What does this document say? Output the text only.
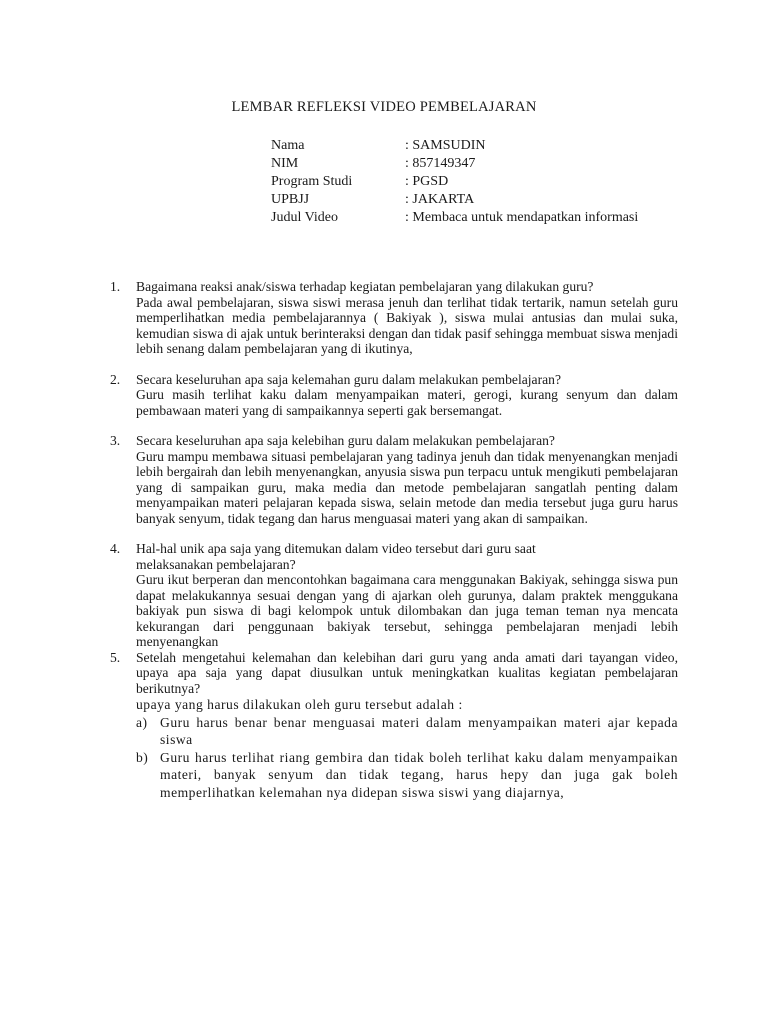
LEMBAR REFLEKSI VIDEO PEMBELAJARAN
Nama	: SAMSUDIN
NIM	: 857149347
Program Studi	: PGSD
UPBJJ	: JAKARTA
Judul Video	: Membaca untuk mendapatkan informasi
1. Bagaimana reaksi anak/siswa terhadap kegiatan pembelajaran yang dilakukan guru?
Pada awal pembelajaran, siswa siswi merasa jenuh dan terlihat tidak tertarik, namun setelah guru memperlihatkan media pembelajarannya ( Bakiyak ), siswa mulai antusias dan mulai suka, kemudian siswa di ajak untuk berinteraksi dengan dan tidak pasif sehingga membuat siswa menjadi lebih senang dalam pembelajaran yang di ikutinya,
2. Secara keseluruhan apa saja kelemahan guru dalam melakukan pembelajaran?
Guru masih terlihat kaku dalam menyampaikan materi, gerogi, kurang senyum dan dalam pembawaan materi yang di sampaikannya seperti gak bersemangat.
3. Secara keseluruhan apa saja kelebihan guru dalam melakukan pembelajaran?
Guru mampu membawa situasi pembelajaran yang tadinya jenuh dan tidak menyenangkan menjadi lebih bergairah dan lebih menyenangkan, anyusia siswa pun terpacu untuk mengikuti pembelajaran yang di sampaikan guru, maka media dan metode pembelajaran sangatlah penting dalam menyampaikan materi pelajaran kepada siswa, selain metode dan media tersebut juga guru harus banyak senyum, tidak tegang dan harus menguasai materi yang akan di sampaikan.
4. Hal-hal unik apa saja yang ditemukan dalam video tersebut dari guru saat
melaksanakan pembelajaran?
Guru ikut berperan dan mencontohkan bagaimana cara menggunakan Bakiyak, sehingga siswa pun dapat melakukannya sesuai dengan yang di ajarkan oleh gurunya, dalam praktek menggukana bakiyak pun siswa di bagi kelompok untuk dilombakan dan juga teman teman nya mencata kekurangan dari penggunaan bakiyak tersebut, sehingga pembelajaran menjadi lebih menyenangkan
5. Setelah mengetahui kelemahan dan kelebihan dari guru yang anda amati dari tayangan video, upaya apa saja yang dapat diusulkan untuk meningkatkan kualitas kegiatan pembelajaran berikutnya?
upaya yang harus dilakukan oleh guru tersebut adalah :
a) Guru harus benar benar menguasai materi dalam menyampaikan materi ajar kepada siswa
b) Guru harus terlihat riang gembira dan tidak boleh terlihat kaku dalam menyampaikan materi, banyak senyum dan tidak tegang, harus hepy dan juga gak boleh memperlihatkan kelemahan nya didepan siswa siswi yang diajarnya,
